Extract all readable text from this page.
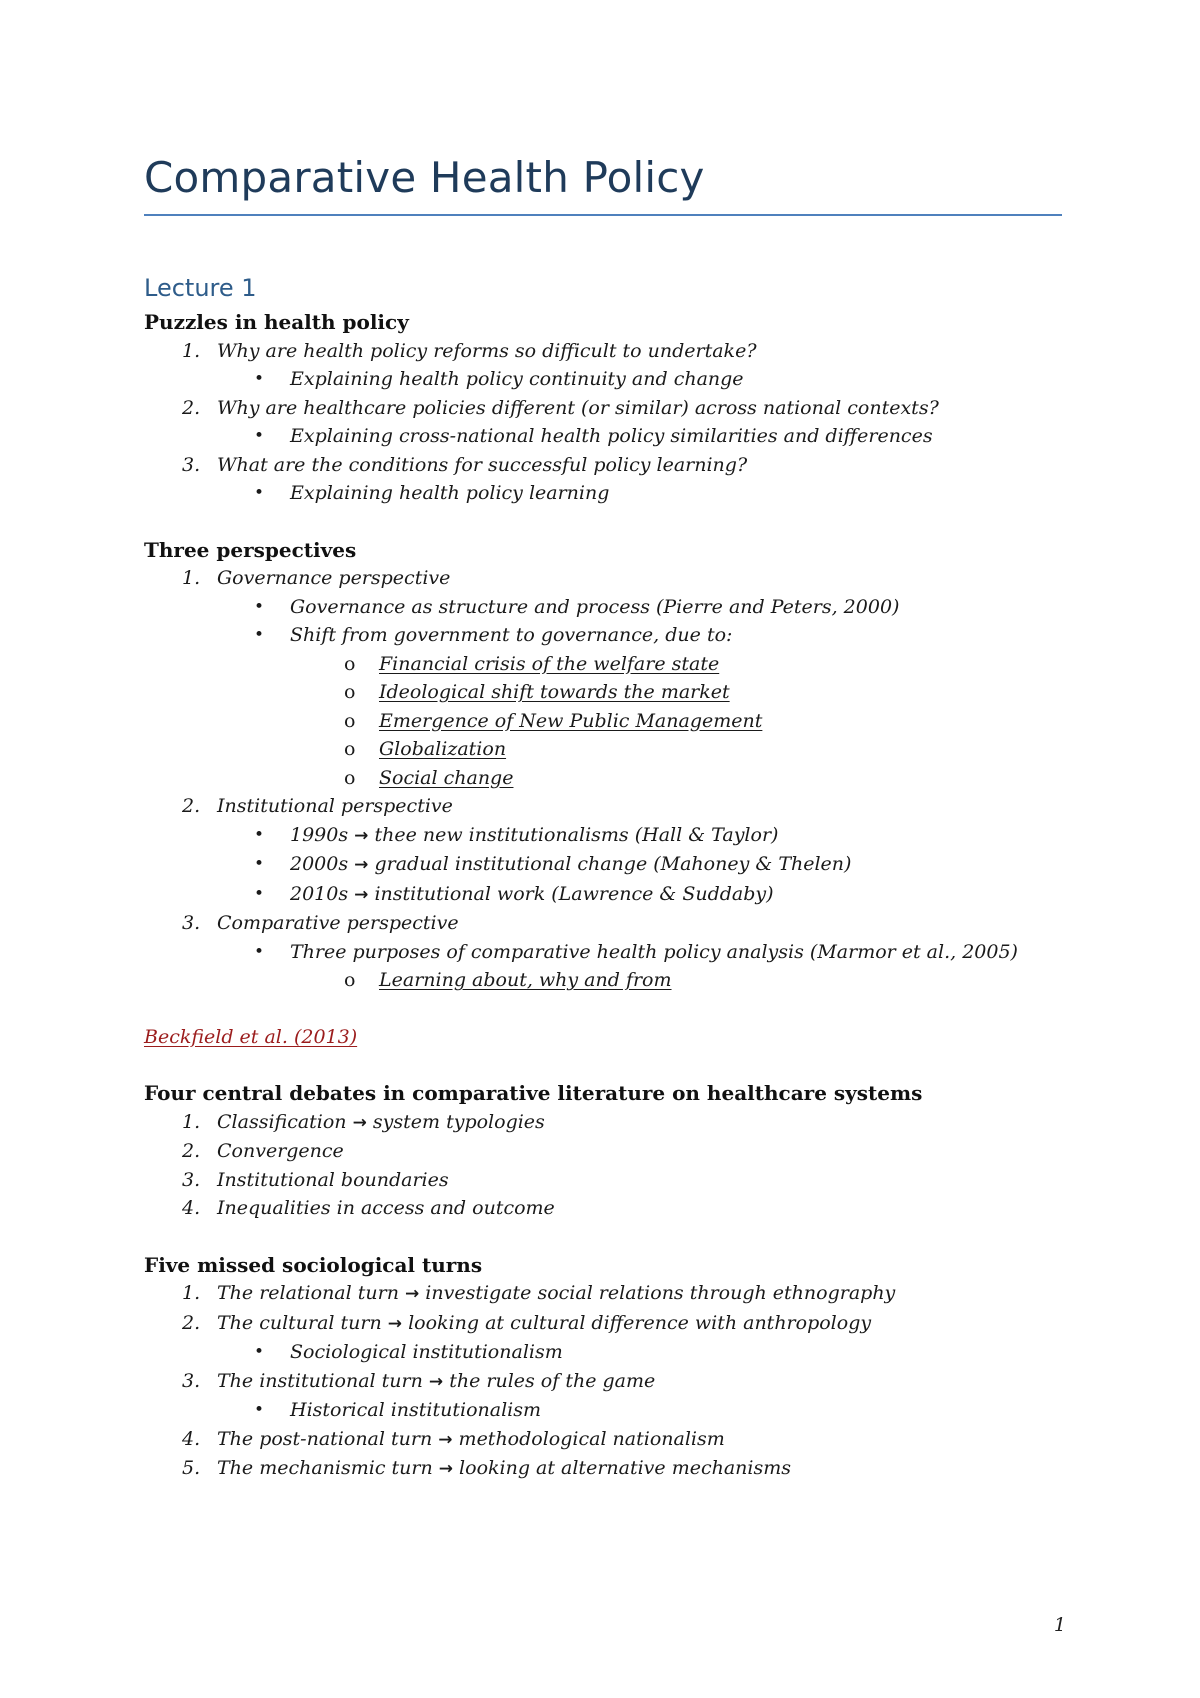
Comparative Health Policy
Lecture 1
Puzzles in health policy
1. Why are health policy reforms so difficult to undertake?
• Explaining health policy continuity and change
2. Why are healthcare policies different (or similar) across national contexts?
• Explaining cross-national health policy similarities and differences
3. What are the conditions for successful policy learning?
• Explaining health policy learning
Three perspectives
1. Governance perspective
• Governance as structure and process (Pierre and Peters, 2000)
• Shift from government to governance, due to:
o Financial crisis of the welfare state
o Ideological shift towards the market
o Emergence of New Public Management
o Globalization
o Social change
2. Institutional perspective
• 1990s → thee new institutionalisms (Hall & Taylor)
• 2000s → gradual institutional change (Mahoney & Thelen)
• 2010s → institutional work (Lawrence & Suddaby)
3. Comparative perspective
• Three purposes of comparative health policy analysis (Marmor et al., 2005)
o Learning about, why and from

Beckfield et al. (2013)

Four central debates in comparative literature on healthcare systems
1. Classification → system typologies
2. Convergence
3. Institutional boundaries
4. Inequalities in access and outcome
Five missed sociological turns
1. The relational turn → investigate social relations through ethnography
2. The cultural turn → looking at cultural difference with anthropology
• Sociological institutionalism
3. The institutional turn → the rules of the game
• Historical institutionalism
4. The post-national turn → methodological nationalism
5. The mechanismic turn → looking at alternative mechanisms
1
